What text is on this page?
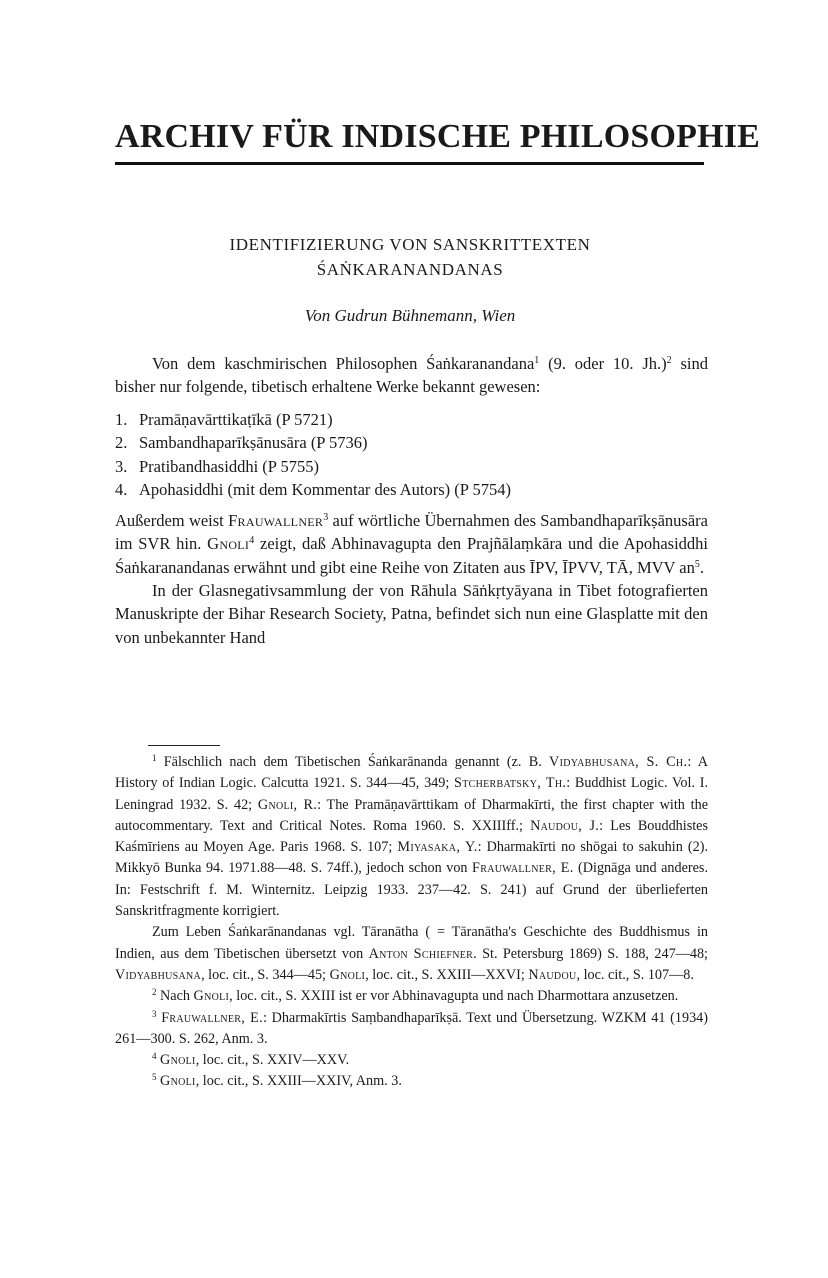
ARCHIV FÜR INDISCHE PHILOSOPHIE
IDENTIFIZIERUNG VON SANSKRITTEXTEN
ŚAṄKARANANDANAS
Von Gudrun Bühnemann, Wien

Von dem kaschmirischen Philosophen Śaṅkaranandana$^1$ (9. oder 10. Jh.)$^2$ sind bisher nur folgende, tibetisch erhaltene Werke bekannt gewesen:

1. Pramāṇavārttikaṭīkā (P 5721)
2. Sambandhaparīkṣānusāra (P 5736)
3. Pratibandhasiddhi (P 5755)
4. Apohasiddhi (mit dem Kommentar des Autors) (P 5754)

Außerdem weist Frauwallner$^3$ auf wörtliche Übernahmen des Sambandhaparīkṣānusāra im SVR hin. Gnoli$^4$ zeigt, daß Abhinavagupta den Prajñālaṃkāra und die Apohasiddhi Śaṅkaranandanas erwähnt und gibt eine Reihe von Zitaten aus ĪPV, ĪPVV, TĀ, MVV $an^5$.

In der Glasnegativsammlung der von Rāhula Sāṅkṛtyāyana in Tibet fotografierten Manuskripte der Bihar Research Society, Patna, befindet sich nun eine Glasplatte mit den von unbekannter Hand

$^1$ Fälschlich nach dem Tibetischen Śaṅkarānanda genannt (z. B. Vidyabhusana, S. Ch.: A History of Indian Logic. Calcutta 1921. S. 344—45, 349; Stcherbatsky, Th.: Buddhist Logic. Vol. I. Leningrad 1932. S. 42; Gnoli, R.: The Pramāṇavārttikam of Dharmakīrti, the first chapter with the autocommentary. Text and Critical Notes. Roma 1960. S. XXIIIff.; Naudou, J.: Les Bouddhistes Kaśmīriens au Moyen Age. Paris 1968. S. 107; Miyasaka, Y.: Dharmakīrti no shōgai to sakuhin (2). Mikkyō Bunka 94. 1971.88—48. S. 74ff.), jedoch schon von Frauwallner, E. (Dignāga und anderes. In: Festschrift f. M. Winternitz. Leipzig 1933. 237—42. S. 241) auf Grund der überlieferten Sanskritfragmente korrigiert.

Zum Leben Śaṅkarānandanas vgl. Tāranātha ( = Tāranātha's Geschichte des Buddhismus in Indien, aus dem Tibetischen übersetzt von Anton Schiefner. St. Petersburg 1869) S. 188, 247—48; Vidyabhusana, loc. cit., S. 344—45; Gnoli, loc. cit., S. XXIII—XXVI; Naudou, loc. cit., S. 107—8.

$^2$ Nach Gnoli, loc. cit., S. XXIII ist er vor Abhinavagupta und nach Dharmottara anzusetzen.

$^3$ Frauwallner, E.: Dharmakīrtis Saṃbandhaparīkṣā. Text und Übersetzung. WZKM 41 (1934) 261—300. S. 262, Anm. 3.

$^4$ Gnoli, loc. cit., S. XXIV—XXV.

$^5$ Gnoli, loc. cit., S. XXIII—XXIV, Anm. 3.
